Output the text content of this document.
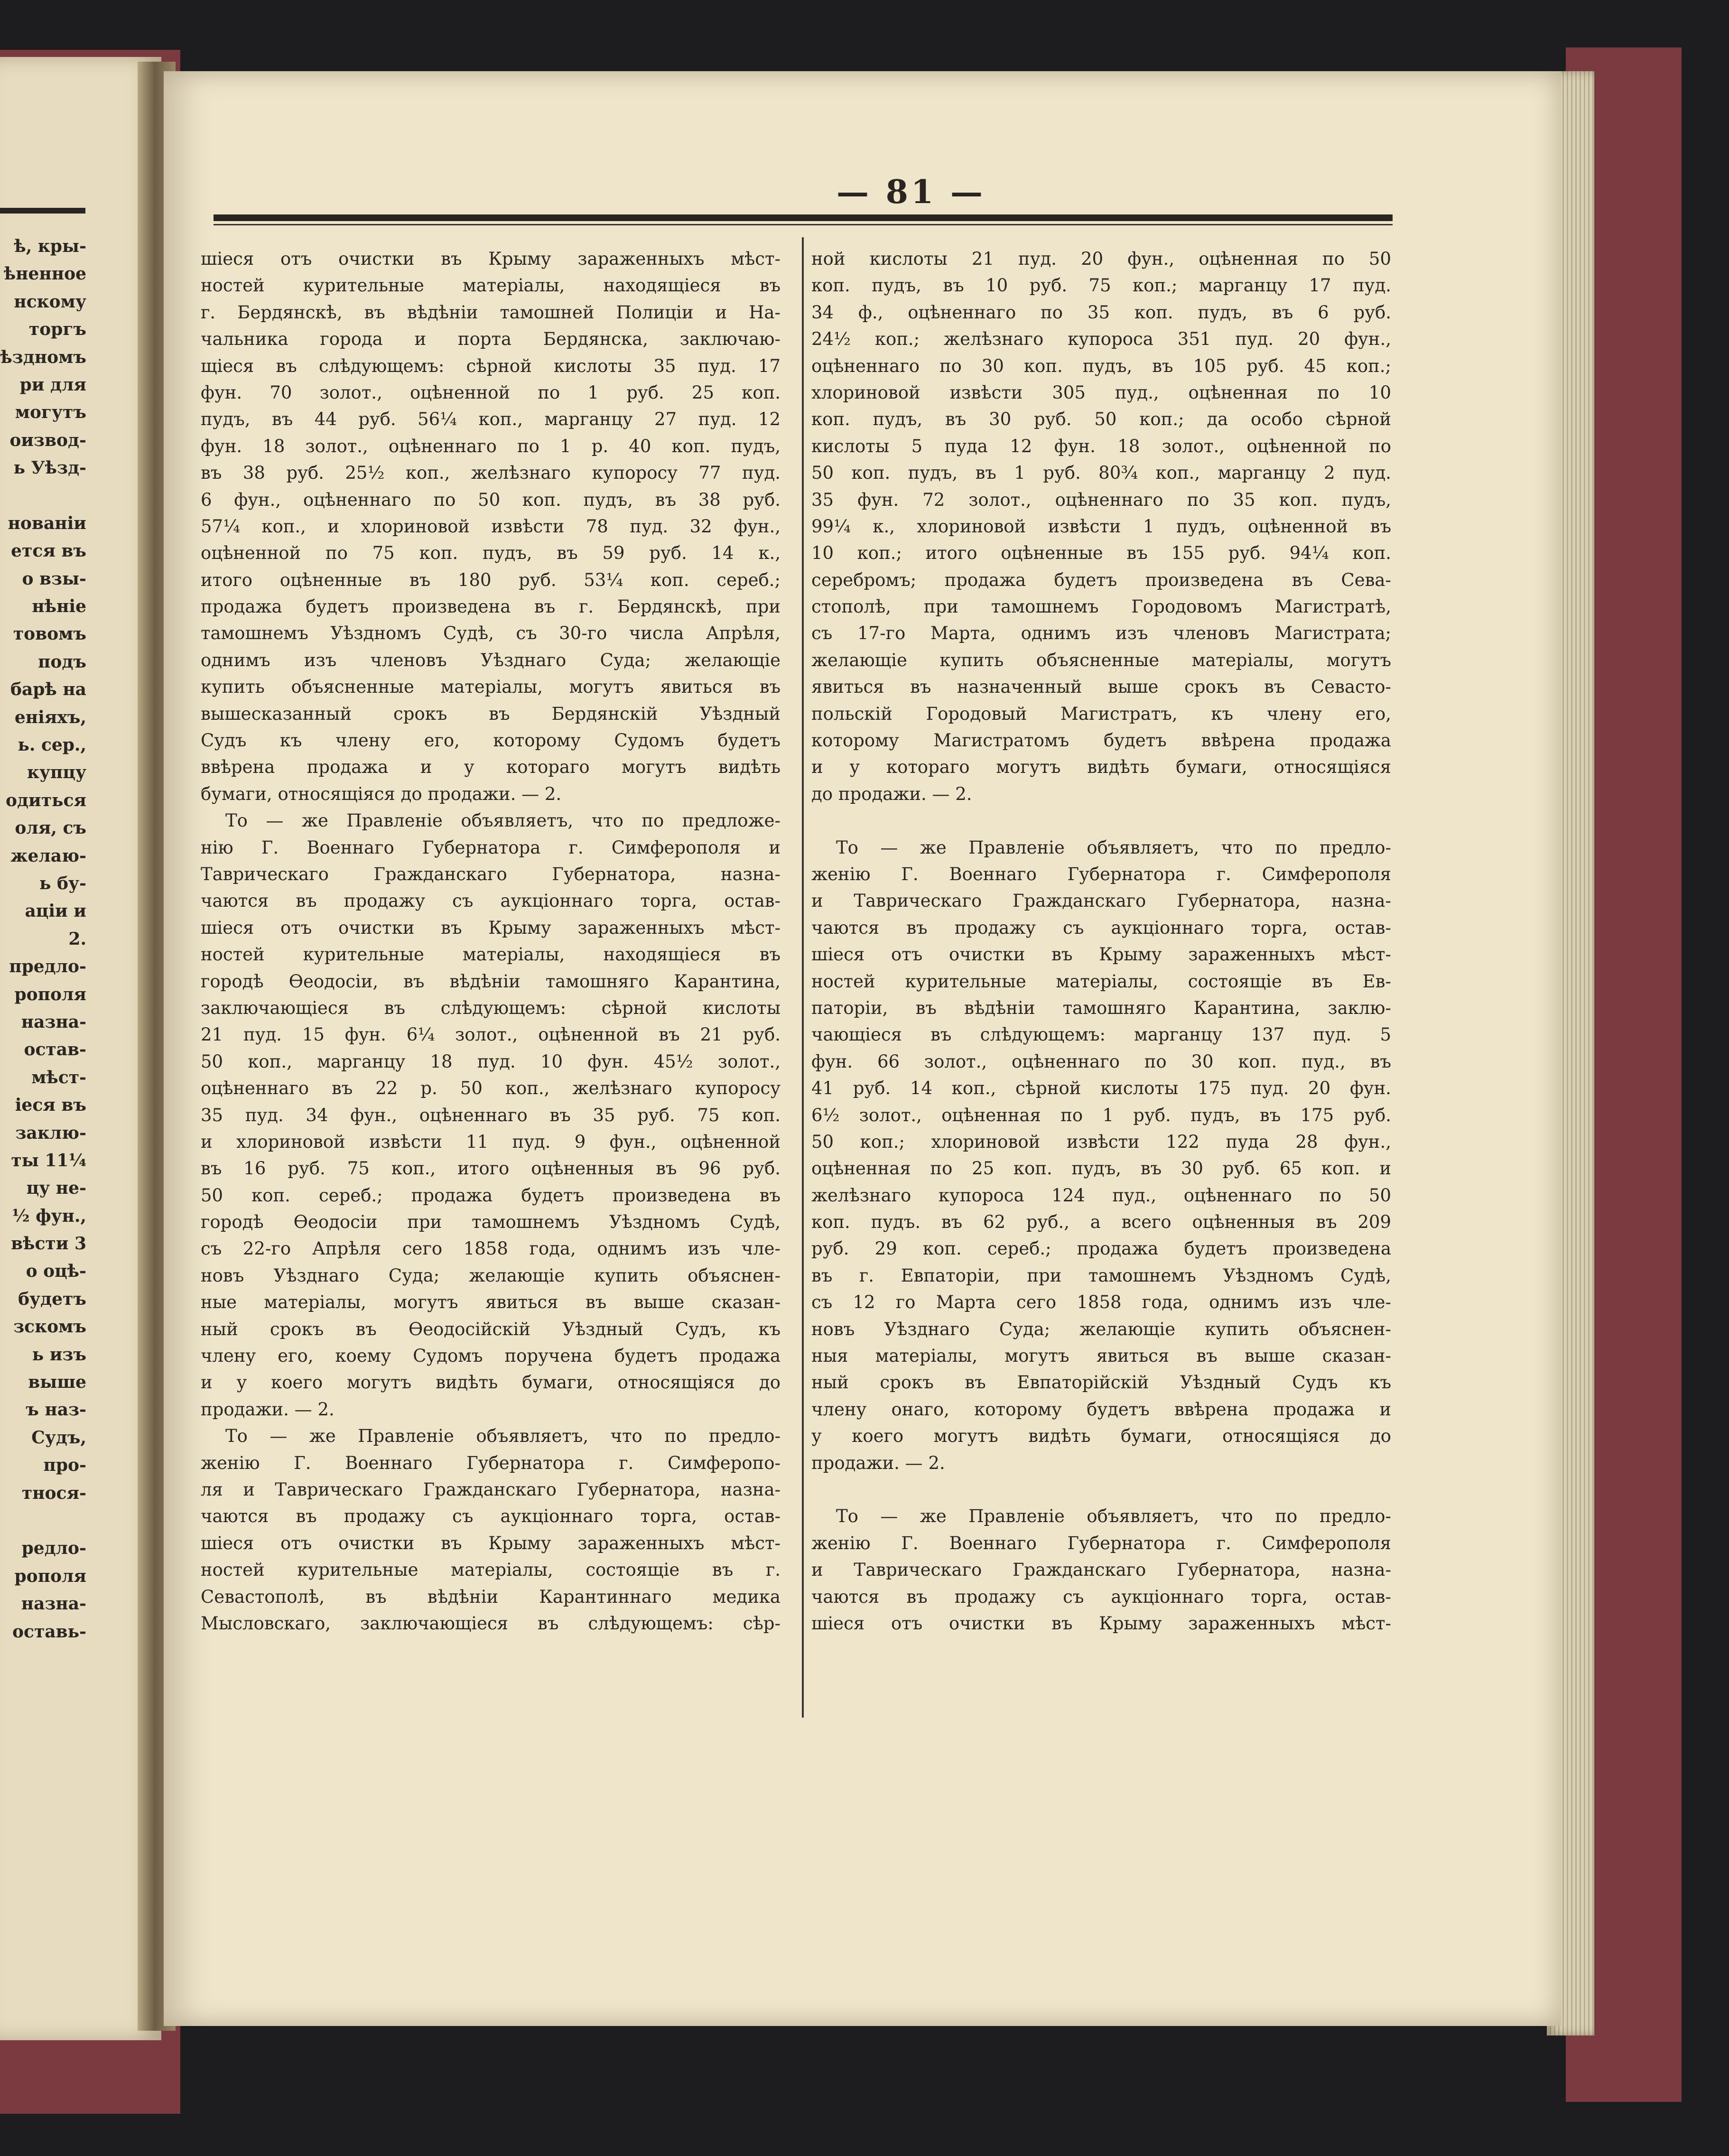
ѣ, кры-
ѣненное
нскому
торгъ
ѣздномъ
ри для
могутъ
оизвод-
ь Уѣзд-
нованіи
ется въ
о взы-
нѣніе
товомъ
подъ
барѣ на
еніяхъ,
ь. сер.,
купцу
одиться
оля, съ
желаю-
ь бу-
аціи и
2.
предло-
рополя
назна-
остав-
мѣст-
іеся въ
заклю-
ты 11¼
цу не-
½ фун.,
вѣсти 3
о оцѣ-
будетъ
зскомъ
ь изъ
выше
ъ наз-
Судъ,
про-
тнося-
редло-
рополя
назна-
оставь-
— 81 —
шіеся отъ очистки въ Крыму зараженныхъ мѣст-
ностей курительные матеріалы, находящіеся въ
г. Бердянскѣ, въ вѣдѣніи тамошней Полиціи и На-
чальника города и порта Бердянска, заключаю-
щіеся въ слѣдующемъ: сѣрной кислоты 35 пуд. 17
фун. 70 золот., оцѣненной по 1 руб. 25 коп.
пудъ, въ 44 руб. 56¼ коп., марганцу 27 пуд. 12
фун. 18 золот., оцѣненнаго по 1 р. 40 коп. пудъ,
въ 38 руб. 25½ коп., желѣзнаго купоросу 77 пуд.
6 фун., оцѣненнаго по 50 коп. пудъ, въ 38 руб.
57¼ коп., и хлориновой извѣсти 78 пуд. 32 фун.,
оцѣненной по 75 коп. пудъ, въ 59 руб. 14 к.,
итого оцѣненные въ 180 руб. 53¼ коп. сереб.;
продажа будетъ произведена въ г. Бердянскѣ, при
тамошнемъ Уѣздномъ Судѣ, съ 30-го числа Апрѣля,
однимъ изъ членовъ Уѣзднаго Суда; желающіе
купить объясненные матеріалы, могутъ явиться въ
вышесказанный срокъ въ Бердянскій Уѣздный
Судъ къ члену его, которому Судомъ будетъ
ввѣрена продажа и у котораго могутъ видѣть
бумаги, относящіяся до продажи. — 2.
То — же Правленіе объявляетъ, что по предложе-
нію Г. Военнаго Губернатора г. Симферополя и
Таврическаго Гражданскаго Губернатора, назна-
чаются въ продажу съ аукціоннаго торга, остав-
шіеся отъ очистки въ Крыму зараженныхъ мѣст-
ностей курительные матеріалы, находящіеся въ
городѣ Ѳеодосіи, въ вѣдѣніи тамошняго Карантина,
заключающіеся въ слѣдующемъ: сѣрной кислоты
21 пуд. 15 фун. 6¼ золот., оцѣненной въ 21 руб.
50 коп., марганцу 18 пуд. 10 фун. 45½ золот.,
оцѣненнаго въ 22 р. 50 коп., желѣзнаго купоросу
35 пуд. 34 фун., оцѣненнаго въ 35 руб. 75 коп.
и хлориновой извѣсти 11 пуд. 9 фун., оцѣненной
въ 16 руб. 75 коп., итого оцѣненныя въ 96 руб.
50 коп. сереб.; продажа будетъ произведена въ
городѣ Ѳеодосіи при тамошнемъ Уѣздномъ Судѣ,
съ 22-го Апрѣля сего 1858 года, однимъ изъ чле-
новъ Уѣзднаго Суда; желающіе купить объяснен-
ные матеріалы, могутъ явиться въ выше сказан-
ный срокъ въ Ѳеодосійскій Уѣздный Судъ, къ
члену его, коему Судомъ поручена будетъ продажа
и у коего могутъ видѣть бумаги, относящіяся до
продажи. — 2.
То — же Правленіе объявляетъ, что по предло-
женію Г. Военнаго Губернатора г. Симферопо-
ля и Таврическаго Гражданскаго Губернатора, назна-
чаются въ продажу съ аукціоннаго торга, остав-
шіеся отъ очистки въ Крыму зараженныхъ мѣст-
ностей курительные матеріалы, состоящіе въ г.
Севастополѣ, въ вѣдѣніи Карантиннаго медика
Мысловскаго, заключающіеся въ слѣдующемъ: сѣр-
ной кислоты 21 пуд. 20 фун., оцѣненная по 50
коп. пудъ, въ 10 руб. 75 коп.; марганцу 17 пуд.
34 ф., оцѣненнаго по 35 коп. пудъ, въ 6 руб.
24½ коп.; желѣзнаго купороса 351 пуд. 20 фун.,
оцѣненнаго по 30 коп. пудъ, въ 105 руб. 45 коп.;
хлориновой извѣсти 305 пуд., оцѣненная по 10
коп. пудъ, въ 30 руб. 50 коп.; да особо сѣрной
кислоты 5 пуда 12 фун. 18 золот., оцѣненной по
50 коп. пудъ, въ 1 руб. 80¾ коп., марганцу 2 пуд.
35 фун. 72 золот., оцѣненнаго по 35 коп. пудъ,
99¼ к., хлориновой извѣсти 1 пудъ, оцѣненной въ
10 коп.; итого оцѣненные въ 155 руб. 94¼ коп.
серебромъ; продажа будетъ произведена въ Сева-
стополѣ, при тамошнемъ Городовомъ Магистратѣ,
съ 17-го Марта, однимъ изъ членовъ Магистрата;
желающіе купить объясненные матеріалы, могутъ
явиться въ назначенный выше срокъ въ Севасто-
польскій Городовый Магистратъ, къ члену его,
которому Магистратомъ будетъ ввѣрена продажа
и у котораго могутъ видѣть бумаги, относящіяся
до продажи. — 2.
То — же Правленіе объявляетъ, что по предло-
женію Г. Военнаго Губернатора г. Симферополя
и Таврическаго Гражданскаго Губернатора, назна-
чаются въ продажу съ аукціоннаго торга, остав-
шіеся отъ очистки въ Крыму зараженныхъ мѣст-
ностей курительные матеріалы, состоящіе въ Ев-
паторіи, въ вѣдѣніи тамошняго Карантина, заклю-
чающіеся въ слѣдующемъ: марганцу 137 пуд. 5
фун. 66 золот., оцѣненнаго по 30 коп. пуд., въ
41 руб. 14 коп., сѣрной кислоты 175 пуд. 20 фун.
6½ золот., оцѣненная по 1 руб. пудъ, въ 175 руб.
50 коп.; хлориновой извѣсти 122 пуда 28 фун.,
оцѣненная по 25 коп. пудъ, въ 30 руб. 65 коп. и
желѣзнаго купороса 124 пуд., оцѣненнаго по 50
коп. пудъ. въ 62 руб., а всего оцѣненныя въ 209
руб. 29 коп. сереб.; продажа будетъ произведена
въ г. Евпаторіи, при тамошнемъ Уѣздномъ Судѣ,
съ 12 го Марта сего 1858 года, однимъ изъ чле-
новъ Уѣзднаго Суда; желающіе купить объяснен-
ныя матеріалы, могутъ явиться въ выше сказан-
ный срокъ въ Евпаторійскій Уѣздный Судъ къ
члену онаго, которому будетъ ввѣрена продажа и
у коего могутъ видѣть бумаги, относящіяся до
продажи. — 2.
То — же Правленіе объявляетъ, что по предло-
женію Г. Военнаго Губернатора г. Симферополя
и Таврическаго Гражданскаго Губернатора, назна-
чаются въ продажу съ аукціоннаго торга, остав-
шіеся отъ очистки въ Крыму зараженныхъ мѣст-
